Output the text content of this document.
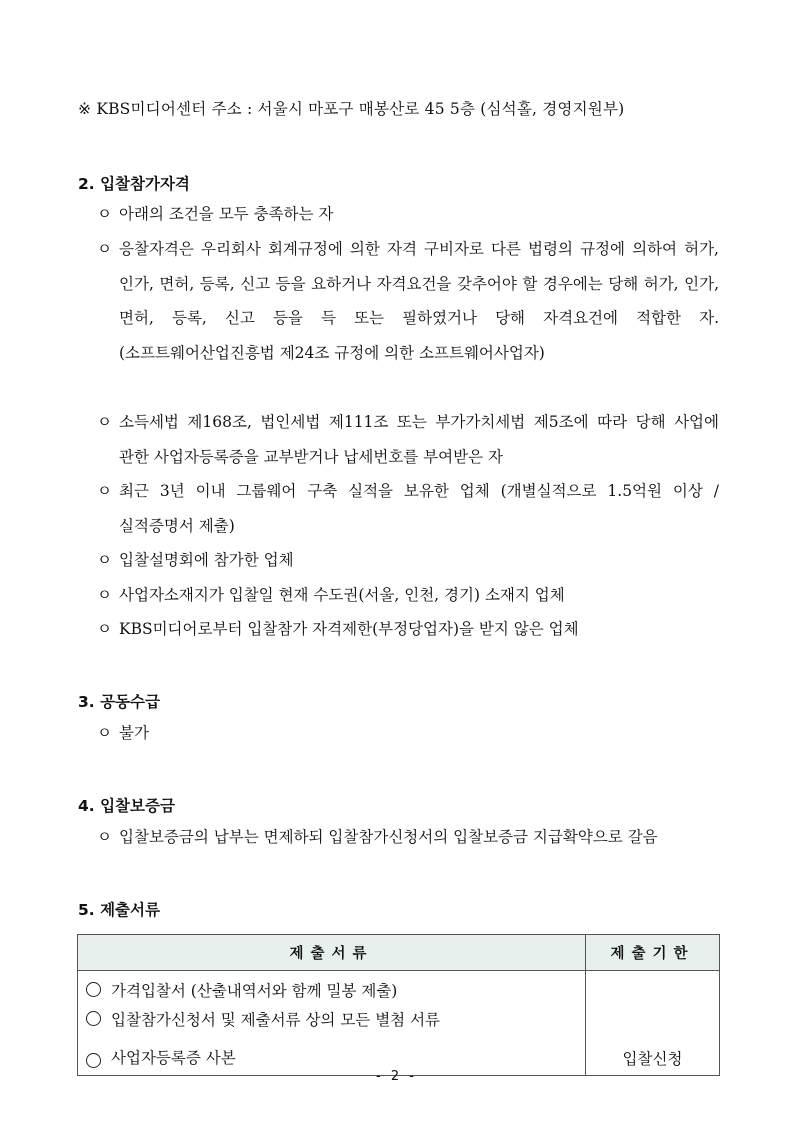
※ KBS미디어센터 주소 : 서울시 마포구 매봉산로 45 5층 (심석홀, 경영지원부)
2. 입찰참가자격
ㅇ 아래의 조건을 모두 충족하는 자
ㅇ 응찰자격은 우리회사 회계규정에 의한 자격 구비자로 다른 법령의 규정에 의하여 허가, 인가, 면허, 등록, 신고 등을 요하거나 자격요건을 갖추어야 할 경우에는 당해 허가, 인가, 면허, 등록, 신고 등을 득 또는 필하였거나 당해 자격요건에 적합한 자. (소프트웨어산업진흥법 제24조 규정에 의한 소프트웨어사업자)
ㅇ 소득세법 제168조, 법인세법 제111조 또는 부가가치세법 제5조에 따라 당해 사업에 관한 사업자등록증을 교부받거나 납세번호를 부여받은 자
ㅇ 최근 3년 이내 그룹웨어 구축 실적을 보유한 업체 (개별실적으로 1.5억원 이상 / 실적증명서 제출)
ㅇ 입찰설명회에 참가한 업체
ㅇ 사업자소재지가 입찰일 현재 수도권(서울, 인천, 경기) 소재지 업체
ㅇ KBS미디어로부터 입찰참가 자격제한(부정당업자)을 받지 않은 업체
3. 공동수급
ㅇ 불가
4. 입찰보증금
ㅇ 입찰보증금의 납부는 면제하되 입찰참가신청서의 입찰보증금 지급확약으로 갈음
5. 제출서류
제출서류	제출기한

가격입찰서 (산출내역서와 함께 밀봉 제출)
입찰참가신청서 및 제출서류 상의 모든 별첨 서류
사업자등록증 사본	입찰신청
- 2 -
